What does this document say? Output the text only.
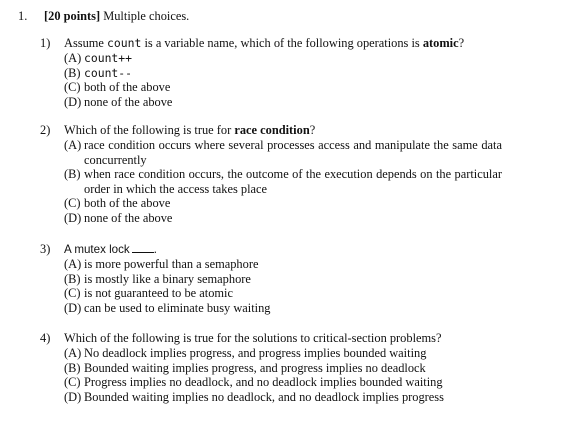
1. [20 points] Multiple choices.
1) Assume count is a variable name, which of the following operations is atomic?
(A) count++
(B) count--
(C) both of the above
(D) none of the above
2) Which of the following is true for race condition?
(A) race condition occurs where several processes access and manipulate the same data concurrently
(B) when race condition occurs, the outcome of the execution depends on the particular order in which the access takes place
(C) both of the above
(D) none of the above
3) A mutex lock .
(A) is more powerful than a semaphore
(B) is mostly like a binary semaphore
(C) is not guaranteed to be atomic
(D) can be used to eliminate busy waiting
4) Which of the following is true for the solutions to critical-section problems?
(A) No deadlock implies progress, and progress implies bounded waiting
(B) Bounded waiting implies progress, and progress implies no deadlock
(C) Progress implies no deadlock, and no deadlock implies bounded waiting
(D) Bounded waiting implies no deadlock, and no deadlock implies progress
